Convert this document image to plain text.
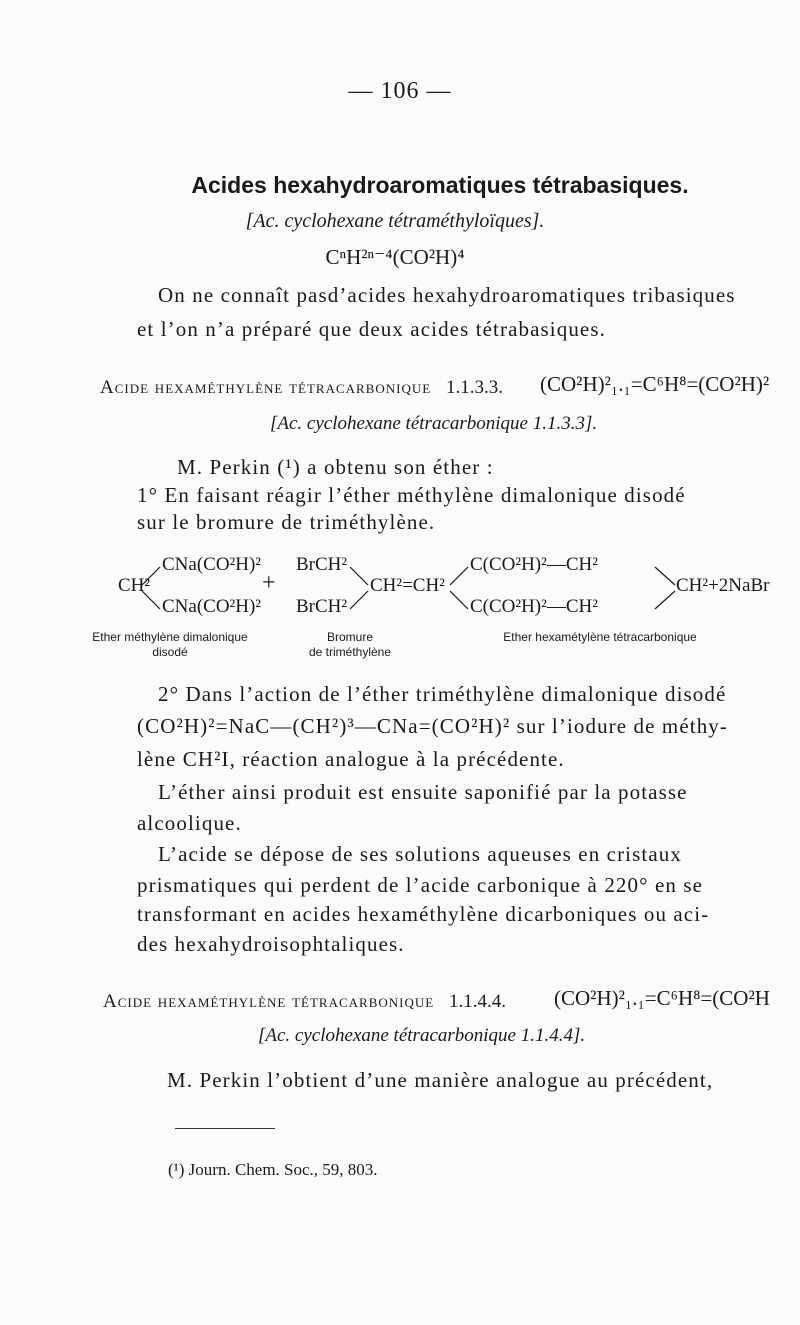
— 106 —
Acides hexahydroaromatiques tétrabasiques.
[Ac. cyclohexane tétraméthyloïques].
CⁿH²ⁿ⁻⁴(CO²H)⁴
On ne connaît pasd’acides hexahydroaromatiques tribasiques
et l’on n’a préparé que deux acides tétrabasiques.
Acide hexaméthylène tétracarbonique 1.1.3.3. (CO²H)²₁.₁=C⁶H⁸=(CO²H)²
[Ac. cyclohexane tétracarbonique 1.1.3.3].
M. Perkin (¹) a obtenu son éther :
1° En faisant réagir l’éther méthylène dimalonique disodé
sur le bromure de triméthylène.
CH²
CNa(CO²H)²
CNa(CO²H)²
+
BrCH²
BrCH²
CH²=CH²
C(CO²H)²—CH²
C(CO²H)²—CH²
CH²+2NaBr
Ether méthylène dimalonique
disodé
Bromure
de triméthylène
Ether hexamétylène tétracarbonique
2° Dans l’action de l’éther triméthylène dimalonique disodé
(CO²H)²=NaC—(CH²)³—CNa=(CO²H)² sur l’iodure de méthy-
lène CH²I, réaction analogue à la précédente.
L’éther ainsi produit est ensuite saponifié par la potasse
alcoolique.
L’acide se dépose de ses solutions aqueuses en cristaux
prismatiques qui perdent de l’acide carbonique à 220° en se
transformant en acides hexaméthylène dicarboniques ou aci-
des hexahydroisophtaliques.
Acide hexaméthylène tétracarbonique 1.1.4.4. (CO²H)²₁.₁=C⁶H⁸=(CO²H
[Ac. cyclohexane tétracarbonique 1.1.4.4].
M. Perkin l’obtient d’une manière analogue au précédent,
(¹) Journ. Chem. Soc., 59, 803.
